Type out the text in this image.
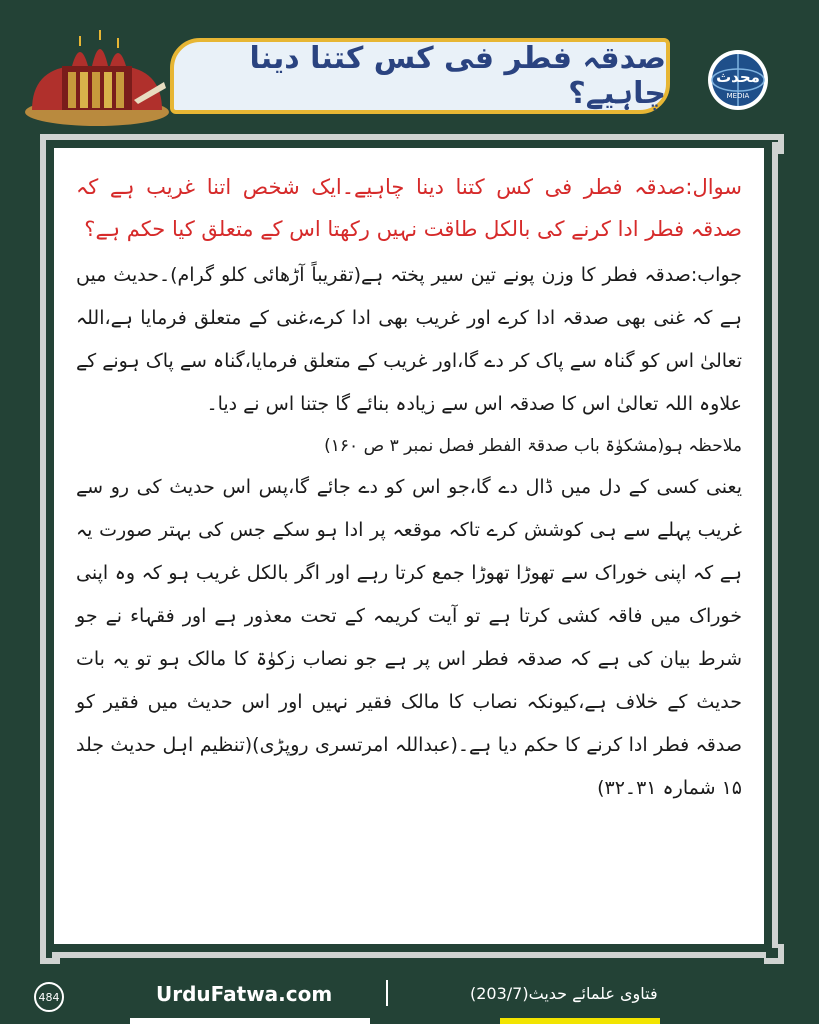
صدقہ فطر فی کس کتنا دینا چاہیے؟	محدث
MEDIA

سوال:صدقہ فطر فی کس کتنا دینا چاہیے۔ایک شخص اتنا غریب ہے کہ صدقہ فطر ادا کرنے کی بالکل طاقت نہیں رکھتا اس کے متعلق کیا حکم ہے؟

جواب:صدقہ فطر کا وزن پونے تین سیر پختہ ہے(تقریباً آڑھائی کلو گرام)۔حدیث میں ہے کہ غنی بھی صدقہ ادا کرے اور غریب بھی ادا کرے،غنی کے متعلق فرمایا ہے،اللہ تعالیٰ اس کو گناہ سے پاک کر دے گا،اور غریب کے متعلق فرمایا،گناہ سے پاک ہونے کے علاوہ اللہ تعالیٰ اس کا صدقہ اس سے زیادہ بنائے گا جتنا اس نے دیا۔

ملاحظہ ہو(مشکوٰۃ باب صدقۃ الفطر فصل نمبر ۳ ص ۱۶۰)

یعنی کسی کے دل میں ڈال دے گا،جو اس کو دے جائے گا،پس اس حدیث کی رو سے غریب پہلے سے ہی کوشش کرے تاکہ موقعہ پر ادا ہو سکے جس کی بہتر صورت یہ ہے کہ اپنی خوراک سے تھوڑا تھوڑا جمع کرتا رہے اور اگر بالکل غریب ہو کہ وہ اپنی خوراک میں فاقہ کشی کرتا ہے تو آیت کریمہ کے تحت معذور ہے اور فقہاء نے جو شرط بیان کی ہے کہ صدقہ فطر اس پر ہے جو نصاب زکوٰۃ کا مالک ہو تو یہ بات حدیث کے خلاف ہے،کیونکہ نصاب کا مالک فقیر نہیں اور اس حدیث میں فقیر کو صدقہ فطر ادا کرنے کا حکم دیا ہے۔(عبداللہ امرتسری روپڑی)(تنظیم اہل حدیث جلد ۱۵ شمارہ ۳۱۔۳۲)

484	UrduFatwa.com	فتاوی علمائے حدیث(203/7)
